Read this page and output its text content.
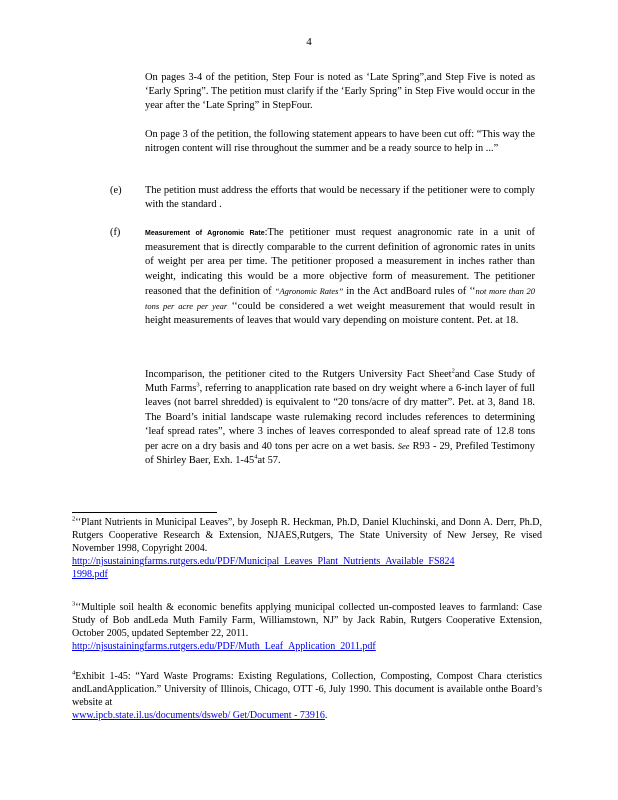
4
On pages 3-4 of the petition, Step Four is noted as ‘Late Spring”,and Step Five is noted as ‘Early Spring”. The petition must clarify if the ‘Early Spring” in Step Five would occur in the year after the ‘Late Spring” in StepFour.
On page 3 of the petition, the following statement appears to have been cut off: “This way the nitrogen content will rise throughout the summer and be a ready source to help in ...”
(e) The petition must address the efforts that would be necessary if the petitioner were to comply with the standard .
(f)	Measurement of Agronomic Rate:The petitioner must request anagronomic rate in a unit of measurement that is directly comparable to the current definition of agronomic rates in units of weight per area per time. The petitioner proposed a measurement in inches rather than weight, indicating this would be a more objective form of measurement. The petitioner reasoned that the definition of “Agronomic Rates” in the Act andBoard rules of ‘‘not more than 20 tons per acre per year ‘‘could be considered a wet weight measurement that would result in height measurements of leaves that would vary depending on moisture content. Pet. at 18.
Incomparison, the petitioner cited to the Rutgers University Fact Sheet$^2$and Case Study of Muth Farms$^3$, referring to anapplication rate based on dry weight where a 6-inch layer of full leaves (not barrel shredded) is equivalent to “20 tons/acre of dry matter”. Pet. at 3, 8and 18. The Board’s initial landscape waste rulemaking record includes references to determining ‘leaf spread rates”, where 3 inches of leaves corresponded to aleaf spread rate of 12.8 tons per acre on a dry basis and 40 tons per acre on a wet basis. See R93 - 29, Prefiled Testimony of Shirley Baer, Exh. $1-45^4at$ 57.
$^2$‘‘Plant Nutrients in Municipal Leaves”, by Joseph R. Heckman, Ph.D, Daniel Kluchinski, and Donn A. Derr, Ph.D, Rutgers Cooperative Research & Extension, NJAES,Rutgers, The State University of New Jersey, Re vised November 1998, Copyright 2004.
http://njsustainingfarms.rutgers.edu/PDF/Municipal_Leaves_Plant_Nutrients_Available_FS824
1998.pdf
$^3$‘‘Multiple soil health & economic benefits applying municipal collected un-composted leaves to farmland: Case Study of Bob andLeda Muth Family Farm, Williamstown, NJ” by Jack Rabin, Rutgers Cooperative Extension, October 2005, updated September 22, 2011.
http://njsustainingfarms.rutgers.edu/PDF/Muth_Leaf_Application_2011.pdf
$^4$Exhibit 1-45: “Yard Waste Programs: Existing Regulations, Collection, Composting, Compost Chara cteristics andLandApplication.” University of Illinois, Chicago, OTT -6, July 1990. This document is available onthe Board’s website at
www.ipcb.state.il.us/documents/dsweb/ Get/Document - 73916.
